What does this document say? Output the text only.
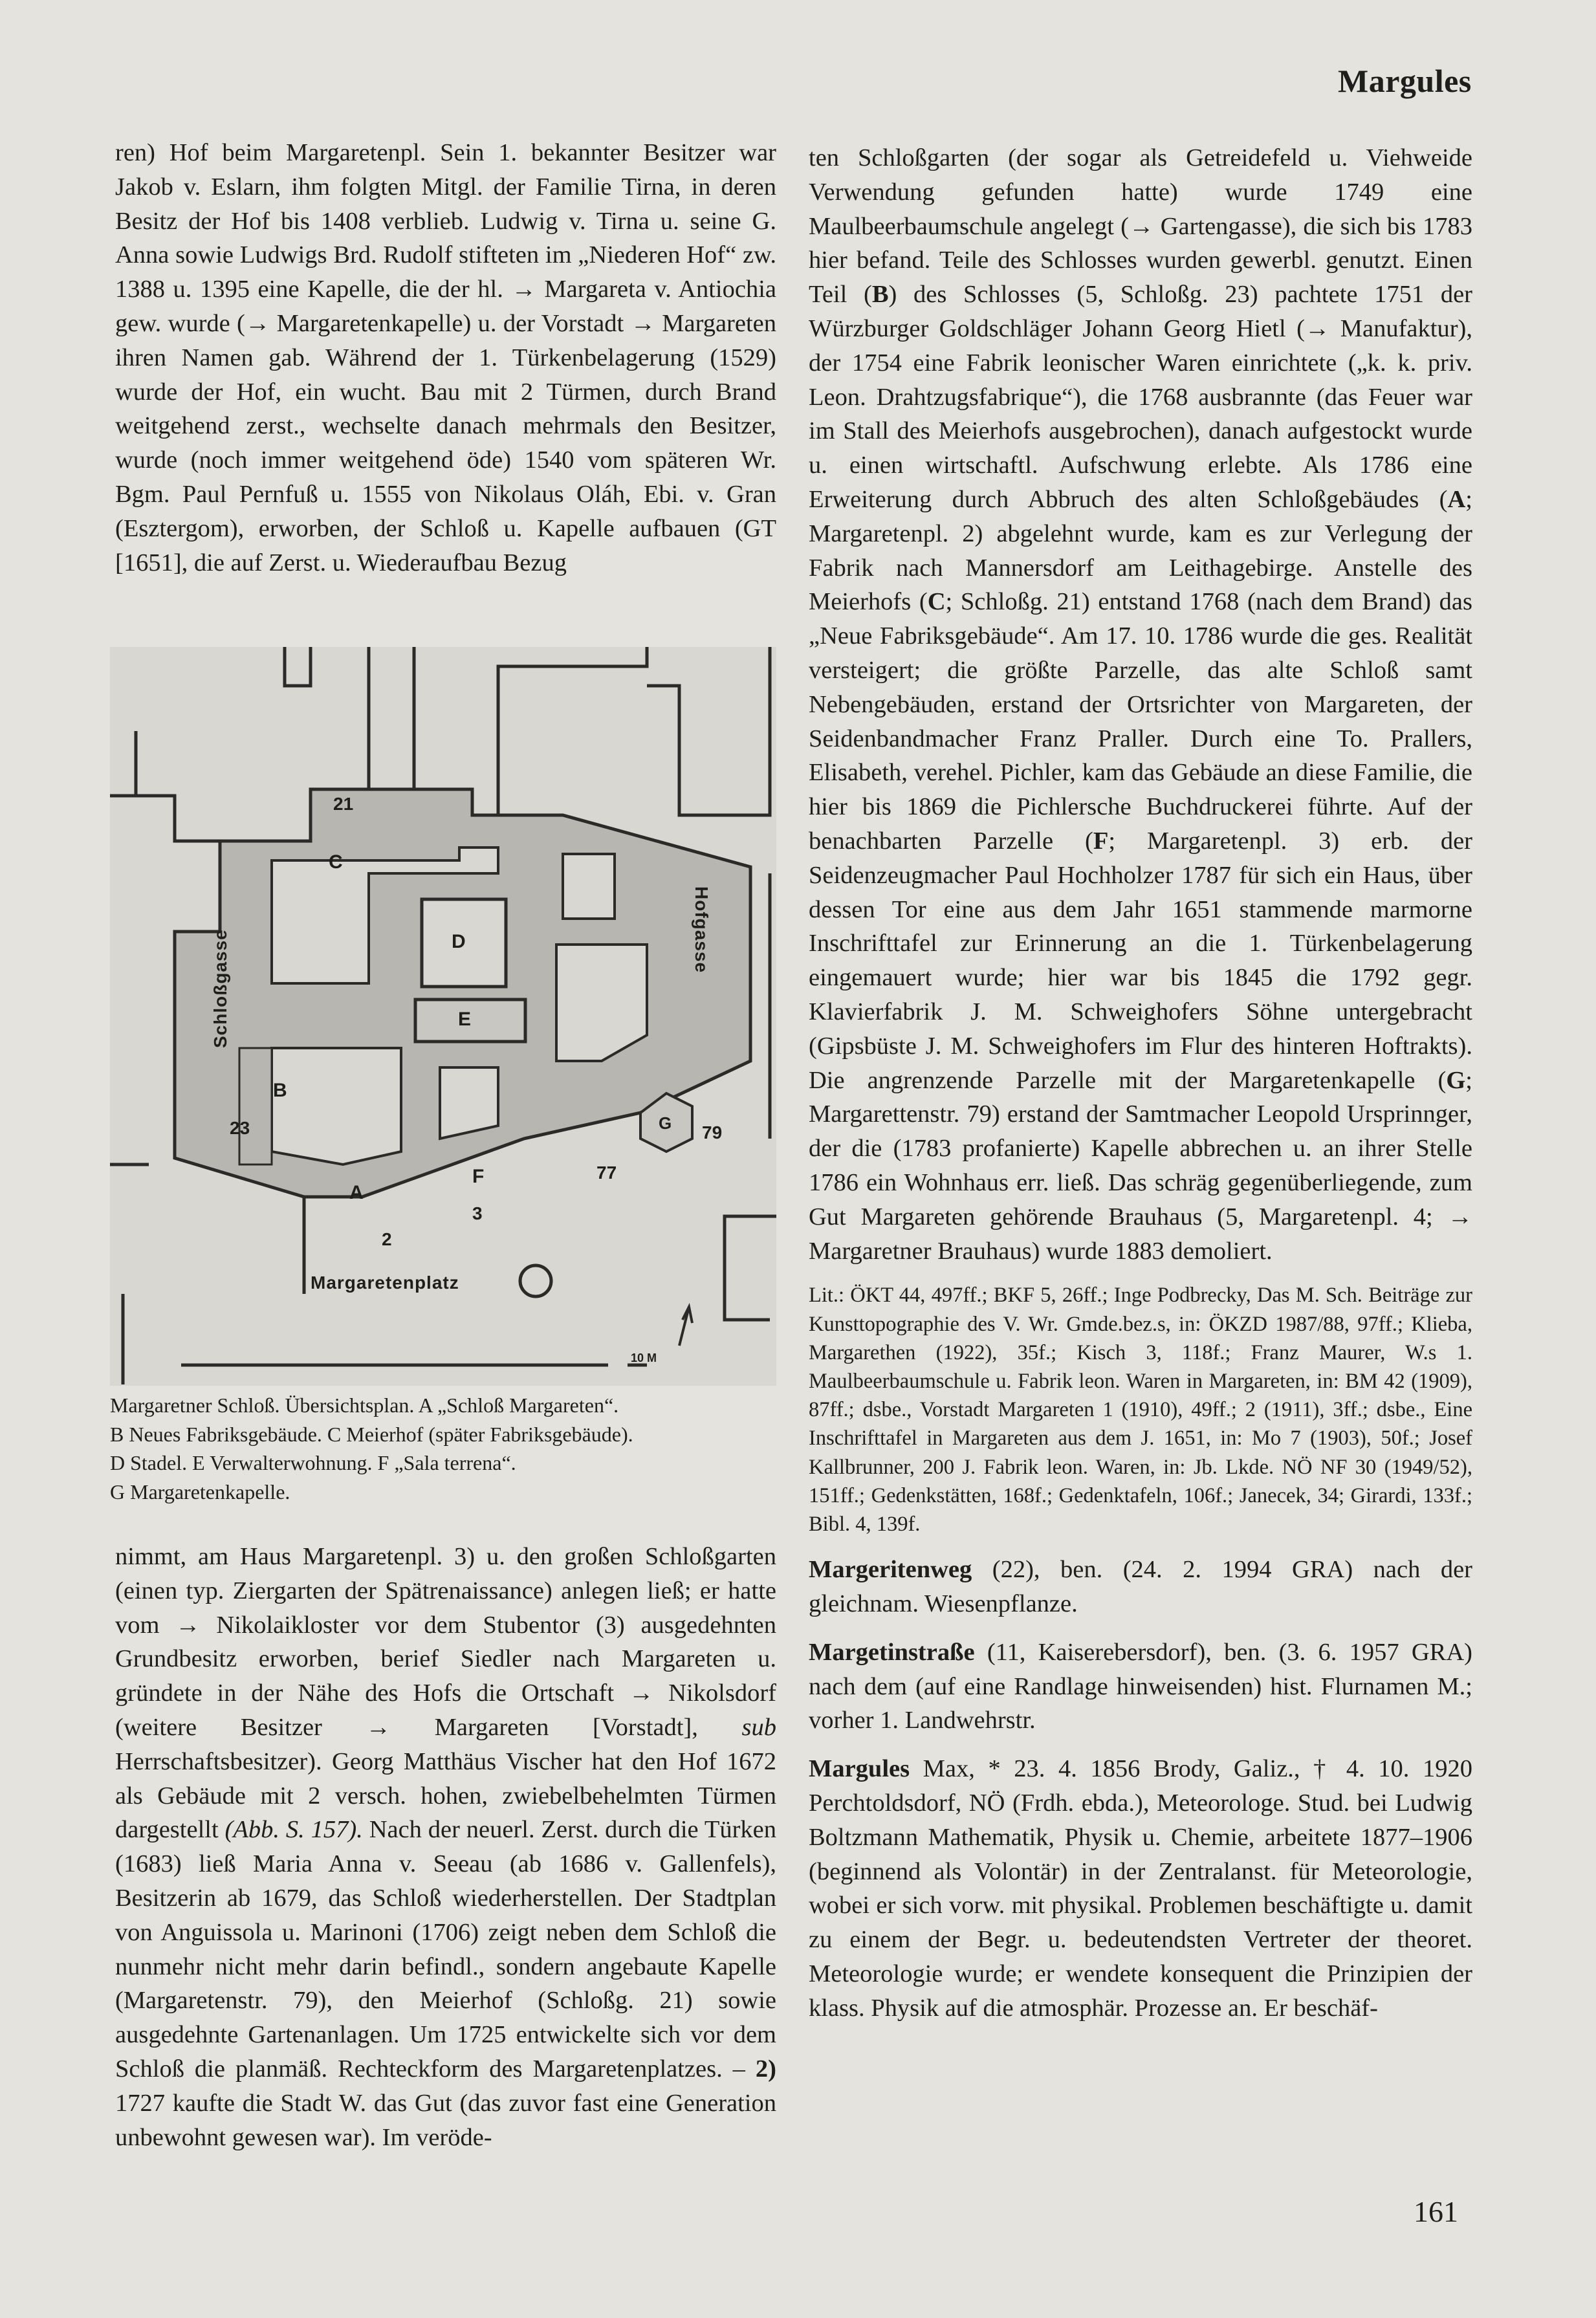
Margules

ren) Hof beim Margaretenpl. Sein 1. bekannter Besitzer war Jakob v. Eslarn, ihm folgten Mitgl. der Familie Tirna, in deren Besitz der Hof bis 1408 verblieb. Ludwig v. Tirna u. seine G. Anna sowie Ludwigs Brd. Rudolf stifteten im „Niederen Hof“ zw. 1388 u. 1395 eine Kapelle, die der hl. → Margareta v. Antiochia gew. wurde (→ Margaretenkapelle) u. der Vorstadt → Margareten ihren Namen gab. Während der 1. Türkenbelagerung (1529) wurde der Hof, ein wucht. Bau mit 2 Türmen, durch Brand weitgehend zerst., wechselte danach mehrmals den Besitzer, wurde (noch immer weitgehend öde) 1540 vom späteren Wr. Bgm. Paul Pernfuß u. 1555 von Nikolaus Oláh, Ebi. v. Gran (Esztergom), erworben, der Schloß u. Kapelle aufbauen (GT [1651], die auf Zerst. u. Wiederaufbau Bezug

21
C
D
E
B
23
A
F
3
2
77
79
G
Margaretenplatz
10 M
Schloßgasse	Hofgasse

Margaretner Schloß. Übersichtsplan. A „Schloß Margareten“.

B Neues Fabriksgebäude. C Meierhof (später Fabriksgebäude).

D Stadel. E Verwalterwohnung. F „Sala terrena“.

G Margaretenkapelle.

nimmt, am Haus Margaretenpl. 3) u. den großen Schloßgarten (einen typ. Ziergarten der Spätrenaissance) anlegen ließ; er hatte vom → Nikolaikloster vor dem Stubentor (3) ausgedehnten Grundbesitz erworben, berief Siedler nach Margareten u. gründete in der Nähe des Hofs die Ortschaft → Nikolsdorf (weitere Besitzer → Margareten [Vorstadt], sub Herrschaftsbesitzer). Georg Matthäus Vischer hat den Hof 1672 als Gebäude mit 2 versch. hohen, zwiebelbehelmten Türmen dargestellt (Abb. S. 157). Nach der neuerl. Zerst. durch die Türken (1683) ließ Maria Anna v. Seeau (ab 1686 v. Gallenfels), Besitzerin ab 1679, das Schloß wiederherstellen. Der Stadtplan von Anguissola u. Marinoni (1706) zeigt neben dem Schloß die nunmehr nicht mehr darin befindl., sondern angebaute Kapelle (Margaretenstr. 79), den Meierhof (Schloßg. 21) sowie ausgedehnte Gartenanlagen. Um 1725 entwickelte sich vor dem Schloß die planmäß. Rechteckform des Margaretenplatzes. – 2) 1727 kaufte die Stadt W. das Gut (das zuvor fast eine Generation unbewohnt gewesen war). Im veröde-

ten Schloßgarten (der sogar als Getreidefeld u. Viehweide Verwendung gefunden hatte) wurde 1749 eine Maulbeerbaumschule angelegt (→ Gartengasse), die sich bis 1783 hier befand. Teile des Schlosses wurden gewerbl. genutzt. Einen Teil (B) des Schlosses (5, Schloßg. 23) pachtete 1751 der Würzburger Goldschläger Johann Georg Hietl (→ Manufaktur), der 1754 eine Fabrik leonischer Waren einrichtete („k. k. priv. Leon. Drahtzugsfabrique“), die 1768 ausbrannte (das Feuer war im Stall des Meierhofs ausgebrochen), danach aufgestockt wurde u. einen wirtschaftl. Aufschwung erlebte. Als 1786 eine Erweiterung durch Abbruch des alten Schloßgebäudes (A; Margaretenpl. 2) abgelehnt wurde, kam es zur Verlegung der Fabrik nach Mannersdorf am Leithagebirge. Anstelle des Meierhofs (C; Schloßg. 21) entstand 1768 (nach dem Brand) das „Neue Fabriksgebäude“. Am 17. 10. 1786 wurde die ges. Realität versteigert; die größte Parzelle, das alte Schloß samt Nebengebäuden, erstand der Ortsrichter von Margareten, der Seidenbandmacher Franz Praller. Durch eine To. Prallers, Elisabeth, verehel. Pichler, kam das Gebäude an diese Familie, die hier bis 1869 die Pichlersche Buchdruckerei führte. Auf der benachbarten Parzelle (F; Margaretenpl. 3) erb. der Seidenzeugmacher Paul Hochholzer 1787 für sich ein Haus, über dessen Tor eine aus dem Jahr 1651 stammende marmorne Inschrifttafel zur Erinnerung an die 1. Türkenbelagerung eingemauert wurde; hier war bis 1845 die 1792 gegr. Klavierfabrik J. M. Schweighofers Söhne untergebracht (Gipsbüste J. M. Schweighofers im Flur des hinteren Hoftrakts). Die angrenzende Parzelle mit der Margaretenkapelle (G; Margarettenstr. 79) erstand der Samtmacher Leopold Ursprinnger, der die (1783 profanierte) Kapelle abbrechen u. an ihrer Stelle 1786 ein Wohnhaus err. ließ. Das schräg gegenüberliegende, zum Gut Margareten gehörende Brauhaus (5, Margaretenpl. 4; → Margaretner Brauhaus) wurde 1883 demoliert.

Lit.: ÖKT 44, 497ff.; BKF 5, 26ff.; Inge Podbrecky, Das M. Sch. Beiträge zur Kunsttopographie des V. Wr. Gmde.bez.s, in: ÖKZD 1987/88, 97ff.; Klieba, Margarethen (1922), 35f.; Kisch 3, 118f.; Franz Maurer, W.s 1. Maulbeerbaumschule u. Fabrik leon. Waren in Margareten, in: BM 42 (1909), 87ff.; dsbe., Vorstadt Margareten 1 (1910), 49ff.; 2 (1911), 3ff.; dsbe., Eine Inschrifttafel in Margareten aus dem J. 1651, in: Mo 7 (1903), 50f.; Josef Kallbrunner, 200 J. Fabrik leon. Waren, in: Jb. Lkde. NÖ NF 30 (1949/52), 151ff.; Gedenkstätten, 168f.; Gedenktafeln, 106f.; Janecek, 34; Girardi, 133f.; Bibl. 4, 139f.

Margeritenweg (22), ben. (24. 2. 1994 GRA) nach der gleichnam. Wiesenpflanze.

Margetinstraße (11, Kaiserebersdorf), ben. (3. 6. 1957 GRA) nach dem (auf eine Randlage hinweisenden) hist. Flurnamen M.; vorher 1. Landwehrstr.

Margules Max, * 23. 4. 1856 Brody, Galiz., † 4. 10. 1920 Perchtoldsdorf, NÖ (Frdh. ebda.), Meteorologe. Stud. bei Ludwig Boltzmann Mathematik, Physik u. Chemie, arbeitete 1877–1906 (beginnend als Volontär) in der Zentralanst. für Meteorologie, wobei er sich vorw. mit physikal. Problemen beschäftigte u. damit zu einem der Begr. u. bedeutendsten Vertreter der theoret. Meteorologie wurde; er wendete konsequent die Prinzipien der klass. Physik auf die atmosphär. Prozesse an. Er beschäf-

161
